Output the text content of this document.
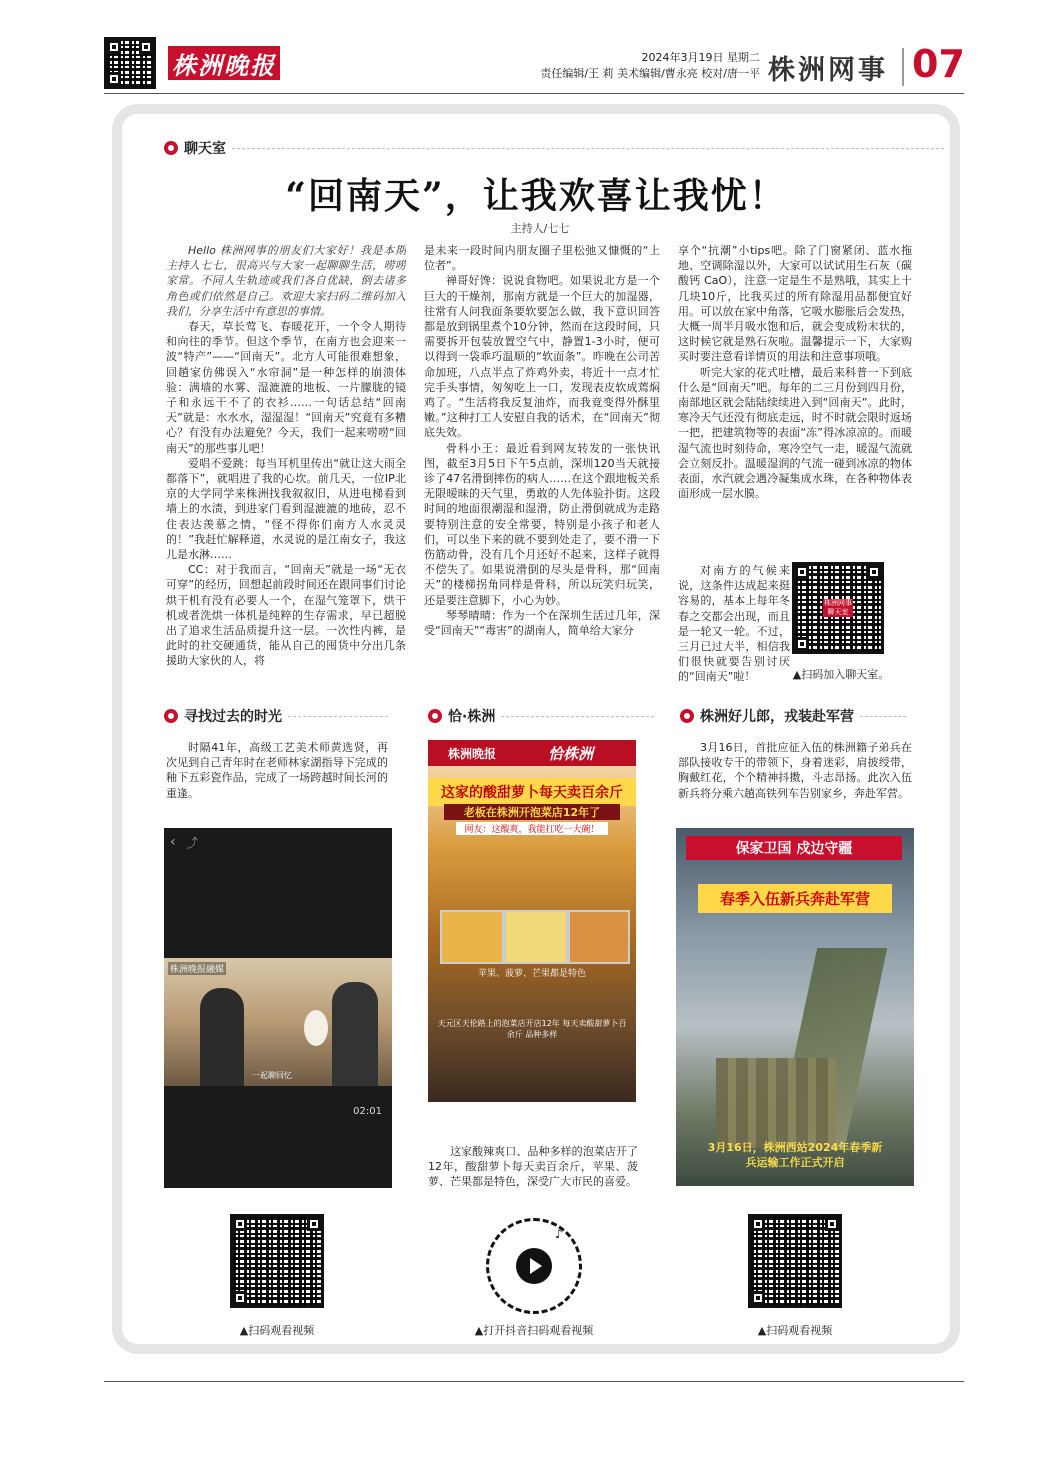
株洲晚报	2024年3月19日 星期二
责任编辑/王 莉 美术编辑/曹永亮 校对/唐一平 株洲网事 07
聊天室
“回南天”，让我欢喜让我忧！
主持人/七七

Hello 株洲网事的朋友们大家好！我是本期主持人七七，很高兴与大家一起聊聊生活，唠唠家常。不同人生轨迹或我们各自优缺，倒去诸多角色或们依然是自己。欢迎大家扫码二维码加入我们，分享生活中有意思的事情。

春天，草长莺飞、春暖花开，一个令人期待和向往的季节。但这个季节，在南方也会迎来一波“特产”——“回南天”。北方人可能很难想象，回趟家仿佛误入“水帘洞”是一种怎样的崩溃体验：满墙的水雾、湿漉漉的地板、一片朦胧的镜子和永远干不了的衣衫……一句话总结“回南天”就是：水水水，湿湿湿！“回南天”究竟有多糟心？有没有办法避免？今天，我们一起来唠唠“回南天”的那些事儿吧！

爱唱不爱跳：每当耳机里传出“就让这大雨全都落下”，就唱进了我的心坎。前几天，一位IP北京的大学同学来株洲找我叙叙旧，从进电梯看到墙上的水渍，到进家门看到湿漉漉的地砖，忍不住表达羡慕之情，“怪不得你们南方人水灵灵的！”我赶忙解释道，水灵说的是江南女子，我这儿是水淋……

CC：对于我而言，“回南天”就是一场“无衣可穿”的经历，回想起前段时间还在跟同事们讨论烘干机有没有必要人一个，在湿气笼罩下，烘干机或者洗烘一体机是纯粹的生存需求，早已超脱出了追求生活品质提升这一层。一次性内裤，是此时的社交硬通货，能从自己的囤货中分出几条援助大家伙的人，将

是未来一段时间内朋友圈子里松弛又慷慨的“上位者”。

禅哥好馋：说说食物吧。如果说北方是一个巨大的干燥剂，那南方就是一个巨大的加湿器，往常有人问我面条要软要怎么做，我下意识回答都是放到锅里煮个10分钟，然而在这段时间，只需要拆开包装放置空气中，静置1-3小时，便可以得到一袋乖巧温顺的“软面条”。昨晚在公司苦命加班，八点半点了炸鸡外卖，将近十一点才忙完手头事情，匆匆吃上一口，发现表皮软成蔫焖鸡了。“生活将我反复油炸，而我竟变得外酥里嫩。”这种打工人安慰自我的话术，在“回南天”彻底失效。

骨科小王：最近看到网友转发的一张快讯图，截至3月5日下午5点前，深圳120当天就接诊了47名滑倒摔伤的病人……在这个跟地板关系无限暧昧的天气里，勇敢的人先体验扑街。这段时间的地面很潮湿和湿滑，防止滑倒就成为走路要特别注意的安全常要，特别是小孩子和老人们，可以坐下来的就不要到处走了，要不滑一下伤筋动骨，没有几个月还好不起来，这样子就得不偿失了。如果说滑倒的尽头是骨科，那“回南天”的楼梯拐角同样是骨科，所以玩笑归玩笑，还是要注意脚下，小心为妙。

琴琴晴晴：作为一个在深圳生活过几年，深受“回南天”“毒害”的湖南人，简单给大家分

享个“抗潮”小tips吧。除了门窗紧闭、蓝水拖地、空调除湿以外，大家可以试试用生石灰（碳酸钙 CaO），注意一定是生不是熟哦，其实上十几块10斤，比我买过的所有除湿用品都便宜好用。可以放在家中角落，它吸水膨胀后会发热，大概一周半月吸水饱和后，就会变成粉末状的，这时候它就是熟石灰啦。温馨提示一下，大家购买时要注意看详情页的用法和注意事项哦。

听完大家的花式吐槽，最后来科普一下到底什么是“回南天”吧。每年的二三月份到四月份，南部地区就会陆陆续续进入到“回南天”。此时，寒冷天气还没有彻底走远，时不时就会限时返场一把，把建筑物等的表面“冻”得冰凉凉的。而暖湿气流也时刻待命，寒冷空气一走，暖湿气流就会立刻反扑。温暖湿润的气流一碰到冰凉的物体表面，水汽就会遇冷凝集成水珠，在各种物体表面形成一层水膜。

对南方的气候来说，这条件达成起来挺容易的，基本上每年冬春之交都会出现，而且是一轮又一轮。不过，三月已过大半，相信我们很快就要告别讨厌的“回南天”啦！

株洲网事聊天室
▲扫码加入聊天室。
寻找过去的时光

时隔41年，高级工艺美术师黄选贤，再次见到自己青年时在老师林家湖指导下完成的釉下五彩瓷作品，完成了一场跨越时间长河的重逢。

‹ ⤴
株洲晚报融媒
一起聊回忆
02:01
▲扫码观看视频
恰·株洲
株洲晚报	恰株洲
这家的酸甜萝卜每天卖百余斤
老板在株洲开泡菜店12年了
网友：这酸爽，我能扛吃一大碗！
苹果、菠萝、芒果都是特色
天元区天伦路上的泡菜店开店12年 每天卖酸甜萝卜百余斤 品种多样

这家酸辣爽口、品种多样的泡菜店开了12年，酸甜萝卜每天卖百余斤，苹果、菠萝、芒果都是特色，深受广大市民的喜爱。

♪
▲打开抖音扫码观看视频
株洲好儿郎，戎装赴军营

3月16日，首批应征入伍的株洲籍子弟兵在部队接收专干的带领下，身着迷彩，肩披绶带，胸戴红花，个个精神抖擞，斗志昂扬。此次入伍新兵将分乘六趟高铁列车告别家乡，奔赴军营。

保家卫国 戍边守疆
春季入伍新兵奔赴军营
3月16日，株洲西站2024年春季新兵运输工作正式开启
▲扫码观看视频
